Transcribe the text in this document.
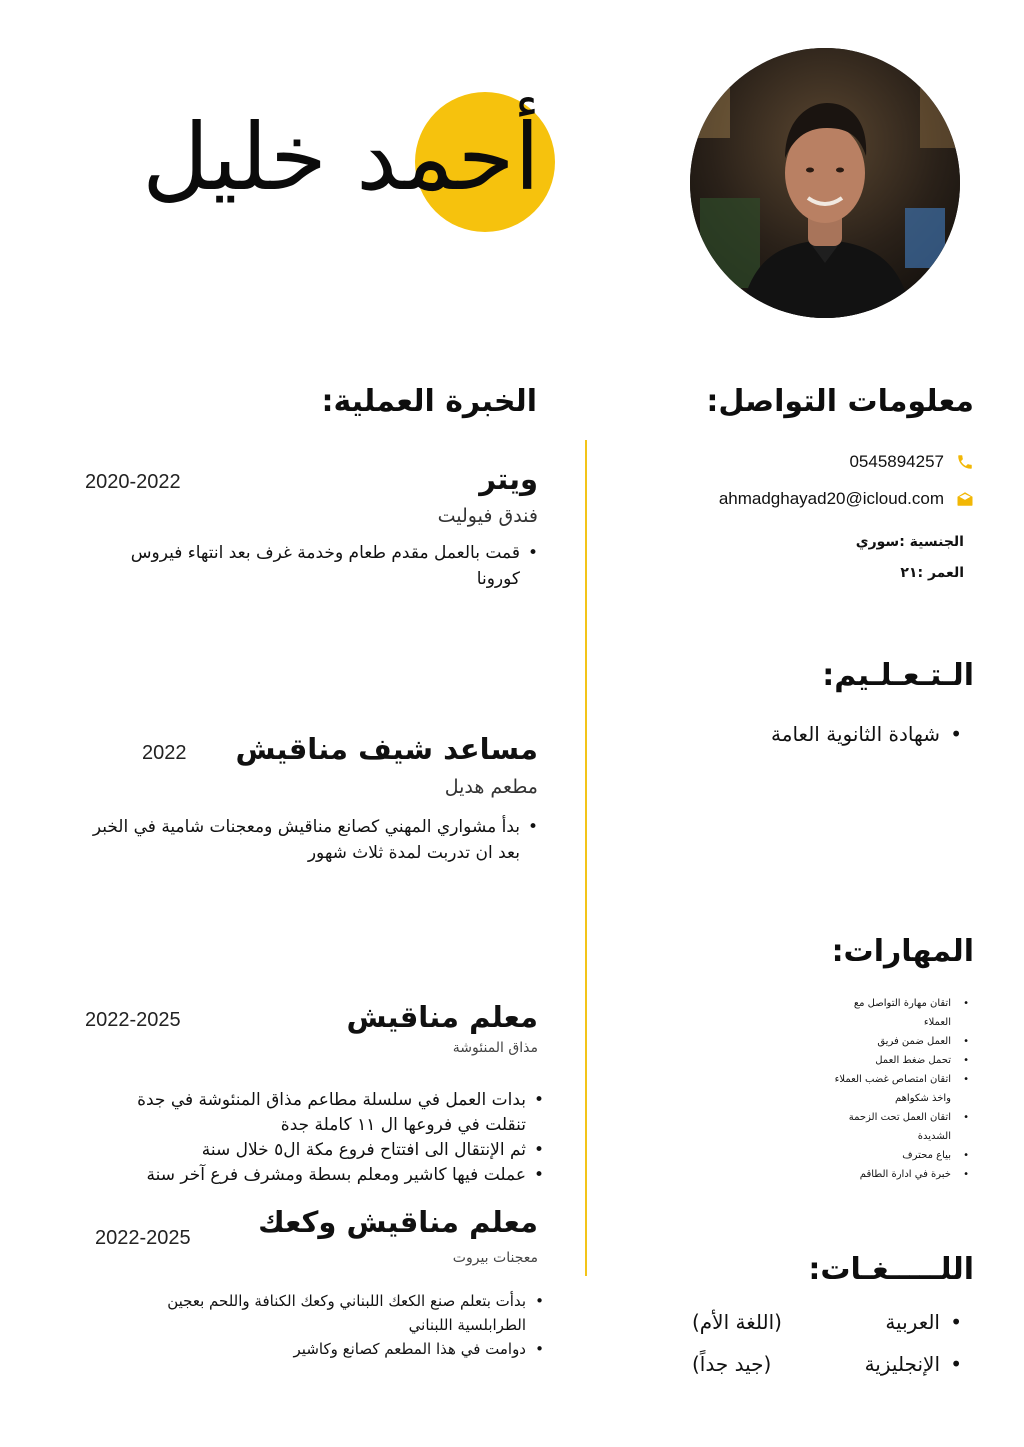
أحمد خليل
معلومات التواصل:
0545894257
ahmadghayad20@icloud.com
الجنسية :سوري
العمر :٢١
الـتـعـلـيم:
• شهادة الثانوية العامة
المهارات:
• اتقان مهارة التواصل مع العملاء
• العمل ضمن فريق
• تحمل ضغط العمل
• اتقان امتصاص غضب العملاء واخذ شكواهم
• اتقان العمل تحت الزحمة الشديدة
• بياع محترف
• خبرة في ادارة الطاقم
اللـــــغـات:
•
العربية
(اللغة الأم)
•
الإنجليزية
(جيد جداً)
الخبرة العملية:
ويتر
2020-2022
فندق فيوليت
• قمت بالعمل مقدم طعام وخدمة غرف بعد انتهاء فيروس كورونا
مساعد شيف مناقيش
2022
مطعم هديل
• بدأ مشواري المهني كصانع مناقيش ومعجنات شامية في الخبر بعد ان تدربت لمدة ثلاث شهور
معلم مناقيش
2022-2025
مذاق المنئوشة
• بدات العمل في سلسلة مطاعم مذاق المنئوشة في جدة تنقلت في فروعها ال ١١ كاملة جدة
• ثم الإنتقال الى افتتاح فروع مكة ال٥ خلال سنة
• عملت فيها كاشير ومعلم بسطة ومشرف فرع آخر سنة
معلم مناقيش وكعك
2022-2025
معجنات بيروت
• بدأت بتعلم صنع الكعك اللبناني وكعك الكنافة واللحم بعجين الطرابلسية اللبناني
• دوامت في هذا المطعم كصانع وكاشير
